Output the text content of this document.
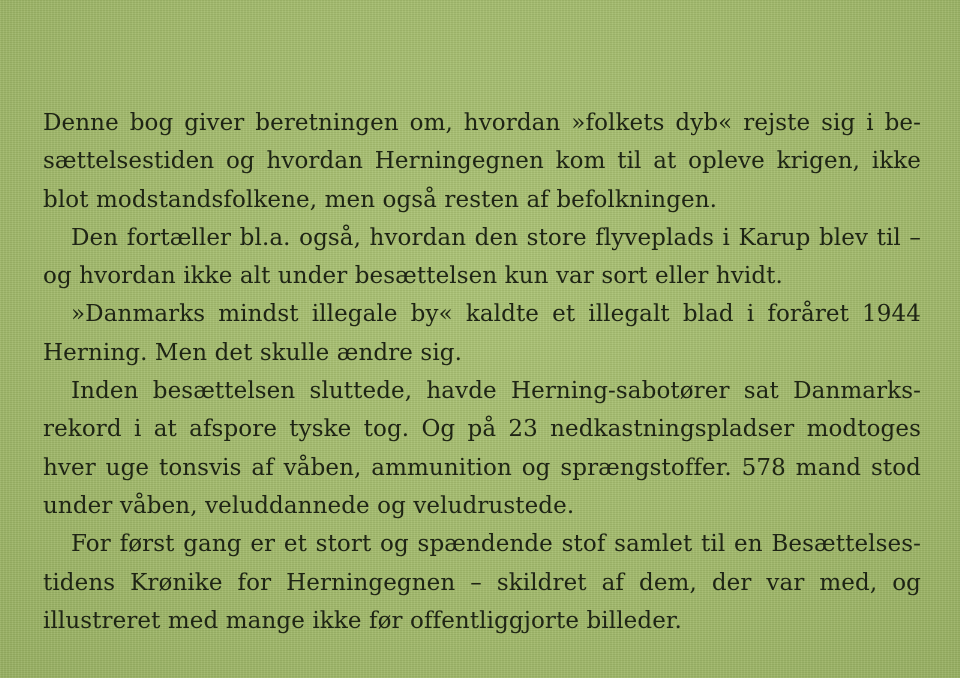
Denne bog giver beretningen om, hvordan »folkets dyb« rejste sig i be-
sættelsestiden og hvordan Herningegnen kom til at opleve krigen, ikke
blot modstandsfolkene, men også resten af befolkningen.
Den fortæller bl.a. også, hvordan den store flyveplads i Karup blev til –
og hvordan ikke alt under besættelsen kun var sort eller hvidt.
»Danmarks mindst illegale by« kaldte et illegalt blad i foråret 1944
Herning. Men det skulle ændre sig.
Inden besættelsen sluttede, havde Herning-sabotører sat Danmarks-
rekord i at afspore tyske tog. Og på 23 nedkastningspladser modtoges
hver uge tonsvis af våben, ammunition og sprængstoffer. 578 mand stod
under våben, veluddannede og veludrustede.
For først gang er et stort og spændende stof samlet til en Besættelses-
tidens Krønike for Herningegnen – skildret af dem, der var med, og
illustreret med mange ikke før offentliggjorte billeder.
